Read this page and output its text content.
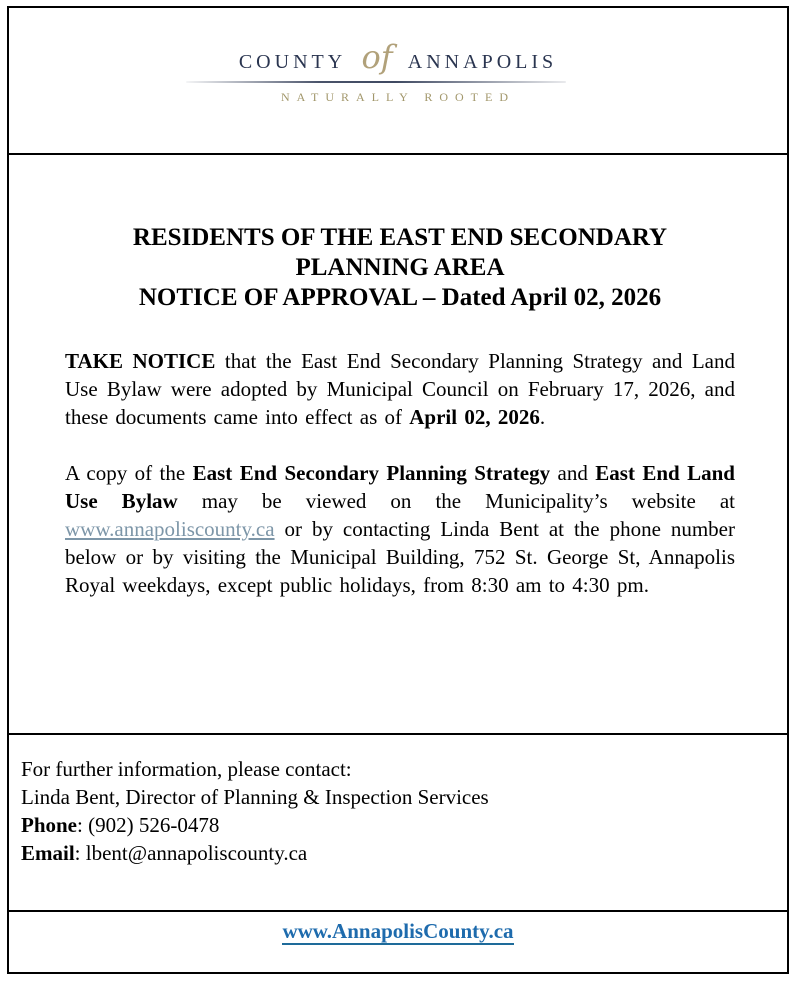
county of annapolis
NATURALLY ROOTED
RESIDENTS OF THE EAST END SECONDARY
PLANNING AREA
NOTICE OF APPROVAL – Dated April 02, 2026

TAKE NOTICE that the East End Secondary Planning Strategy and Land Use Bylaw were adopted by Municipal Council on February 17, 2026, and these documents came into effect as of April 02, 2026.

A copy of the East End Secondary Planning Strategy and East End Land Use Bylaw may be viewed on the Municipality’s website at www.annapoliscounty.ca or by contacting Linda Bent at the phone number below or by visiting the Municipal Building, 752 St. George St, Annapolis Royal weekdays, except public holidays, from 8:30 am to 4:30 pm.

For further information, please contact:
Linda Bent, Director of Planning & Inspection Services
Phone: (902) 526-0478
Email: lbent@annapoliscounty.ca
www.AnnapolisCounty.ca
